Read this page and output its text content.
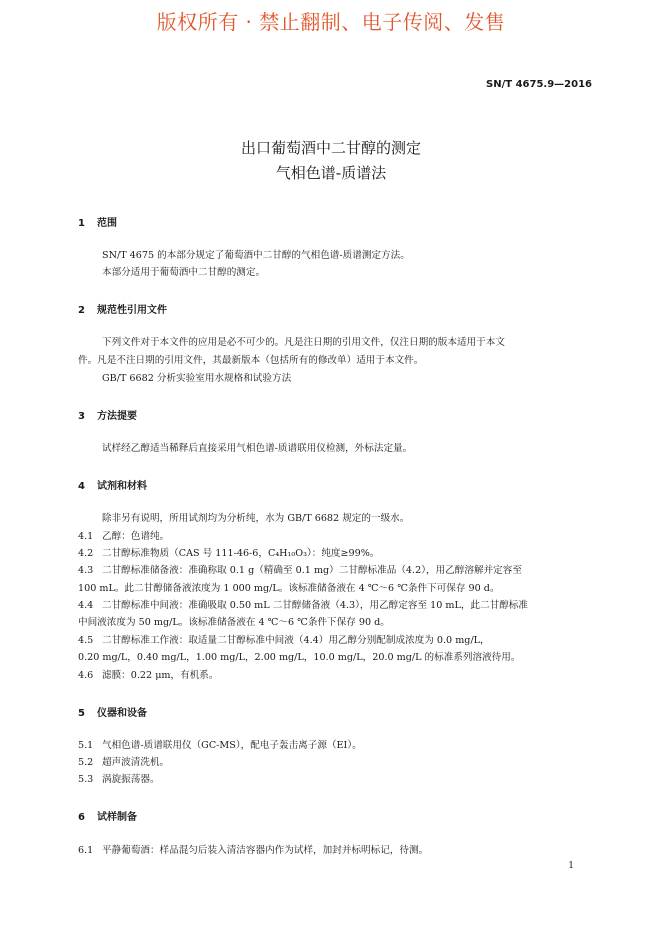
版权所有 · 禁止翻制、电子传阅、发售
SN/T 4675.9—2016
出口葡萄酒中二甘醇的测定
气相色谱-质谱法
1 范围
SN/T 4675 的本部分规定了葡萄酒中二甘醇的气相色谱-质谱测定方法。
本部分适用于葡萄酒中二甘醇的测定。
2 规范性引用文件
下列文件对于本文件的应用是必不可少的。凡是注日期的引用文件，仅注日期的版本适用于本文
件。凡是不注日期的引用文件，其最新版本（包括所有的修改单）适用于本文件。
GB/T 6682 分析实验室用水规格和试验方法
3 方法提要
试样经乙醇适当稀释后直接采用气相色谱-质谱联用仪检测，外标法定量。
4 试剂和材料
除非另有说明，所用试剂均为分析纯，水为 GB/T 6682 规定的一级水。
4.1 乙醇：色谱纯。
4.2 二甘醇标准物质（CAS 号 111-46-6，C₄H₁₀O₃）：纯度≥99%。
4.3 二甘醇标准储备液：准确称取 0.1 g（精确至 0.1 mg）二甘醇标准品（4.2），用乙醇溶解并定容至
100 mL。此二甘醇储备液浓度为 1 000 mg/L。该标准储备液在 4 ℃～6 ℃条件下可保存 90 d。
4.4 二甘醇标准中间液：准确吸取 0.50 mL 二甘醇储备液（4.3），用乙醇定容至 10 mL，此二甘醇标准
中间液浓度为 50 mg/L。该标准储备液在 4 ℃～6 ℃条件下保存 90 d。
4.5 二甘醇标准工作液：取适量二甘醇标准中间液（4.4）用乙醇分别配制成浓度为 0.0 mg/L，
0.20 mg/L，0.40 mg/L，1.00 mg/L，2.00 mg/L，10.0 mg/L，20.0 mg/L 的标准系列溶液待用。
4.6 滤膜：0.22 μm，有机系。
5 仪器和设备
5.1 气相色谱-质谱联用仪（GC-MS），配电子轰击离子源（EI）。
5.2 超声波清洗机。
5.3 涡旋振荡器。
6 试样制备
6.1 平静葡萄酒：样品混匀后装入清洁容器内作为试样，加封并标明标记，待测。
1
